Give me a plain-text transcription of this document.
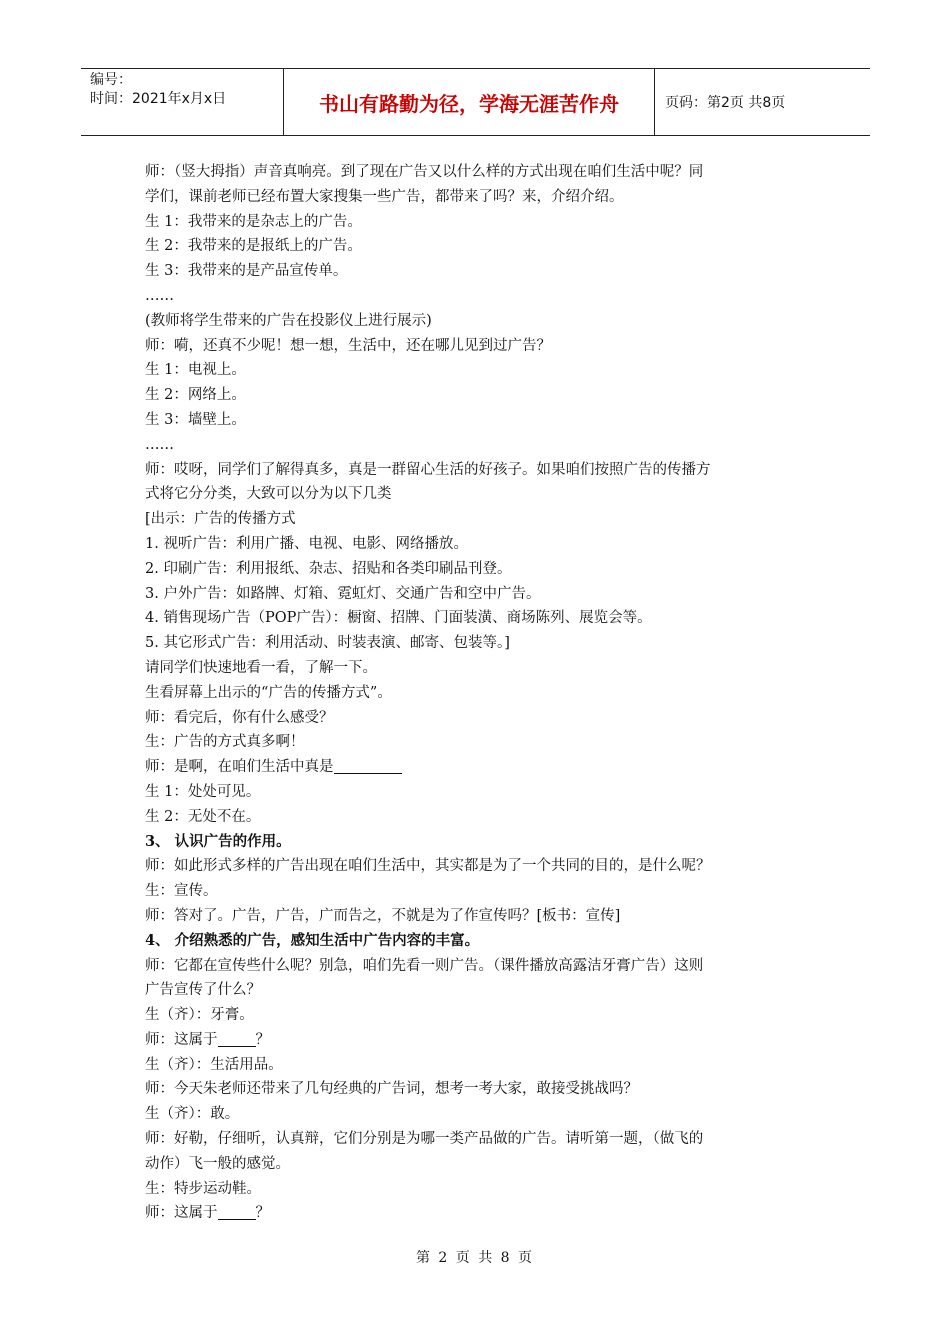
编号：
时间：2021年x月x日	书山有路勤为径，学海无涯苦作舟	页码：第2页 共8页

师：（竖大拇指）声音真响亮。到了现在广告又以什么样的方式出现在咱们生活中呢？同

学们，课前老师已经布置大家搜集一些广告，都带来了吗？来，介绍介绍。

生 1：我带来的是杂志上的广告。

生 2：我带来的是报纸上的广告。

生 3：我带来的是产品宣传单。

……

(教师将学生带来的广告在投影仪上进行展示)

师：嗬，还真不少呢！想一想，生活中，还在哪儿见到过广告？

生 1：电视上。

生 2：网络上。

生 3：墙壁上。

……

师：哎呀，同学们了解得真多，真是一群留心生活的好孩子。如果咱们按照广告的传播方

式将它分分类，大致可以分为以下几类

[出示：广告的传播方式

1. 视听广告：利用广播、电视、电影、网络播放。

2. 印刷广告：利用报纸、杂志、招贴和各类印刷品刊登。

3. 户外广告：如路牌、灯箱、霓虹灯、交通广告和空中广告。

4. 销售现场广告（POP广告）：橱窗、招牌、门面装潢、商场陈列、展览会等。

5. 其它形式广告：利用活动、时装表演、邮寄、包装等。]

请同学们快速地看一看，了解一下。

生看屏幕上出示的“广告的传播方式”。

师：看完后，你有什么感受？

生：广告的方式真多啊！

师：是啊，在咱们生活中真是

生 1：处处可见。

生 2：无处不在。

3、 认识广告的作用。

师：如此形式多样的广告出现在咱们生活中，其实都是为了一个共同的目的，是什么呢？

生：宣传。

师：答对了。广告，广告，广而告之，不就是为了作宣传吗？[板书：宣传]

4、 介绍熟悉的广告，感知生活中广告内容的丰富。

师：它都在宣传些什么呢？别急，咱们先看一则广告。（课件播放高露洁牙膏广告）这则

广告宣传了什么？

生（齐）：牙膏。

师：这属于	？

生（齐）：生活用品。

师：今天朱老师还带来了几句经典的广告词，想考一考大家，敢接受挑战吗？

生（齐）：敢。

师：好勒，仔细听，认真辩，它们分别是为哪一类产品做的广告。请听第一题，（做飞的

动作）飞一般的感觉。

生：特步运动鞋。

师：这属于	？

第 2 页 共 8 页
